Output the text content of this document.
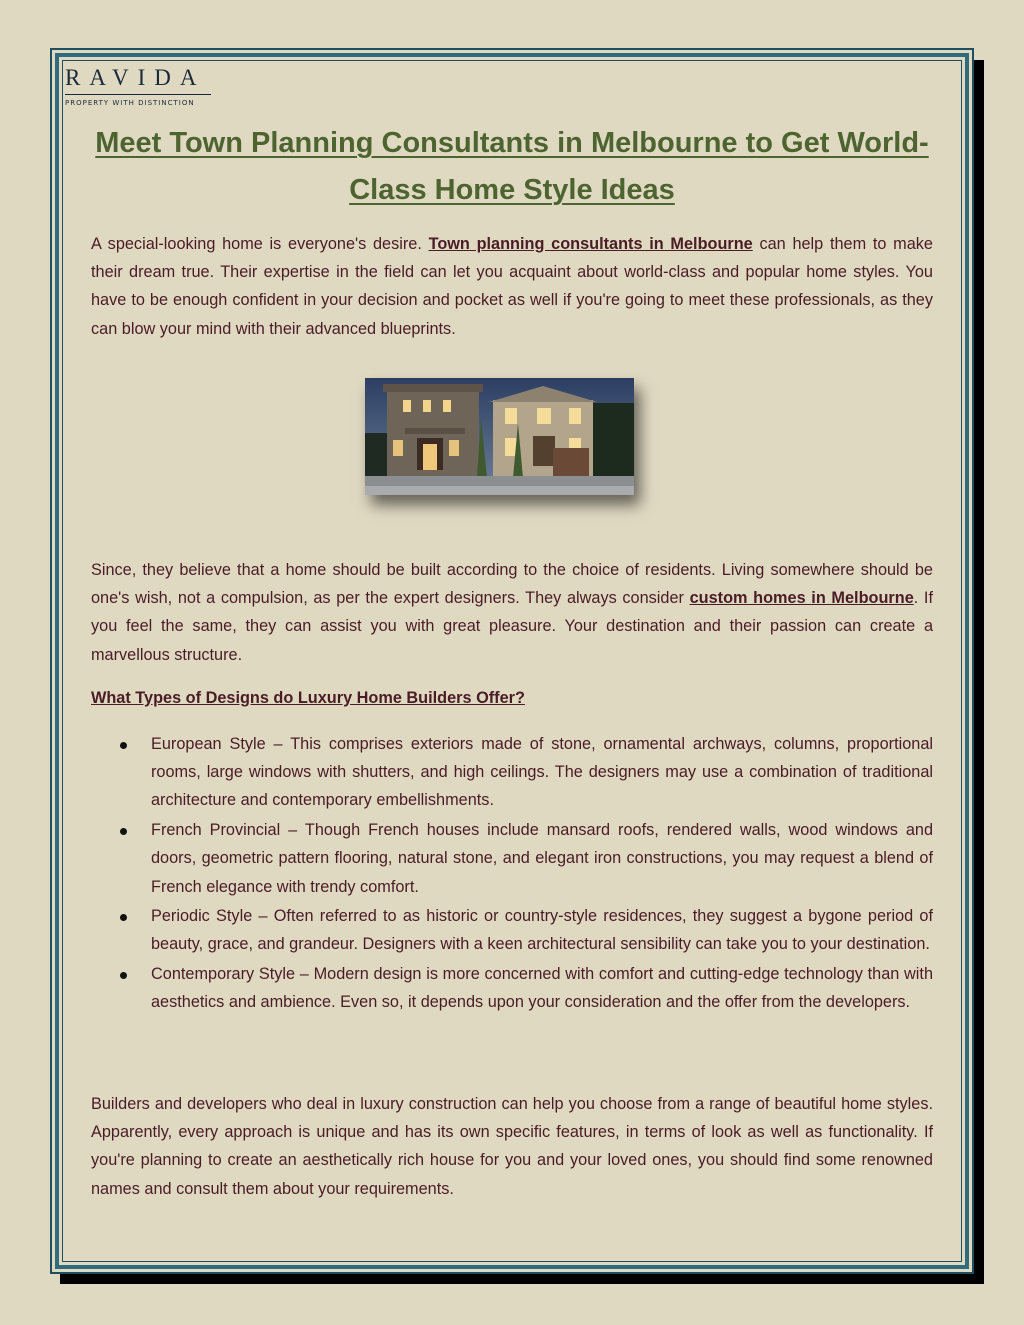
RAVIDA
PROPERTY WITH DISTINCTION
Meet Town Planning Consultants in Melbourne to Get World-Class Home Style Ideas

A special-looking home is everyone's desire. Town planning consultants in Melbourne can help them to make their dream true. Their expertise in the field can let you acquaint about world-class and popular home styles. You have to be enough confident in your decision and pocket as well if you're going to meet these professionals, as they can blow your mind with their advanced blueprints.

Since, they believe that a home should be built according to the choice of residents. Living somewhere should be one's wish, not a compulsion, as per the expert designers. They always consider custom homes in Melbourne. If you feel the same, they can assist you with great pleasure. Your destination and their passion can create a marvellous structure.

What Types of Designs do Luxury Home Builders Offer?
European Style – This comprises exteriors made of stone, ornamental archways, columns, proportional rooms, large windows with shutters, and high ceilings. The designers may use a combination of traditional architecture and contemporary embellishments.
French Provincial – Though French houses include mansard roofs, rendered walls, wood windows and doors, geometric pattern flooring, natural stone, and elegant iron constructions, you may request a blend of French elegance with trendy comfort.
Periodic Style – Often referred to as historic or country-style residences, they suggest a bygone period of beauty, grace, and grandeur. Designers with a keen architectural sensibility can take you to your destination.
Contemporary Style – Modern design is more concerned with comfort and cutting-edge technology than with aesthetics and ambience. Even so, it depends upon your consideration and the offer from the developers.

Builders and developers who deal in luxury construction can help you choose from a range of beautiful home styles. Apparently, every approach is unique and has its own specific features, in terms of look as well as functionality. If you're planning to create an aesthetically rich house for you and your loved ones, you should find some renowned names and consult them about your requirements.
